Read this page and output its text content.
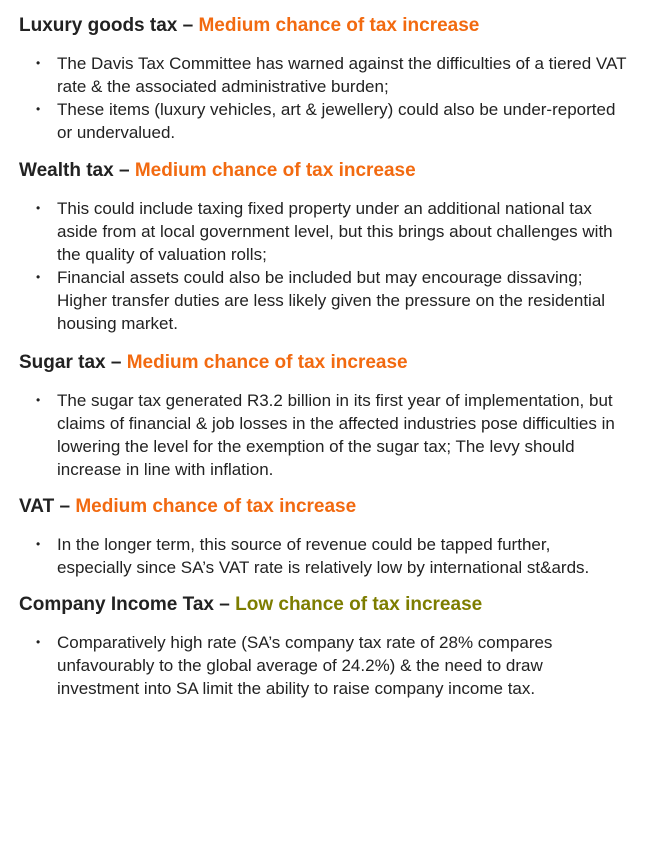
Luxury goods tax – Medium chance of tax increase
• The Davis Tax Committee has warned against the difficulties of a tiered VAT rate & the associated administrative burden;
• These items (luxury vehicles, art & jewellery) could also be under-reported or undervalued.
Wealth tax – Medium chance of tax increase
• This could include taxing fixed property under an additional national tax aside from at local government level, but this brings about challenges with the quality of valuation rolls;
• Financial assets could also be included but may encourage dissaving; Higher transfer duties are less likely given the pressure on the residential housing market.
Sugar tax – Medium chance of tax increase
• The sugar tax generated R3.2 billion in its first year of implementation, but claims of financial & job losses in the affected industries pose difficulties in lowering the level for the exemption of the sugar tax; The levy should increase in line with inflation.
VAT – Medium chance of tax increase
• In the longer term, this source of revenue could be tapped further, especially since SA’s VAT rate is relatively low by international st&ards.
Company Income Tax – Low chance of tax increase
• Comparatively high rate (SA’s company tax rate of 28% compares unfavourably to the global average of 24.2%) & the need to draw investment into SA limit the ability to raise company income tax.
